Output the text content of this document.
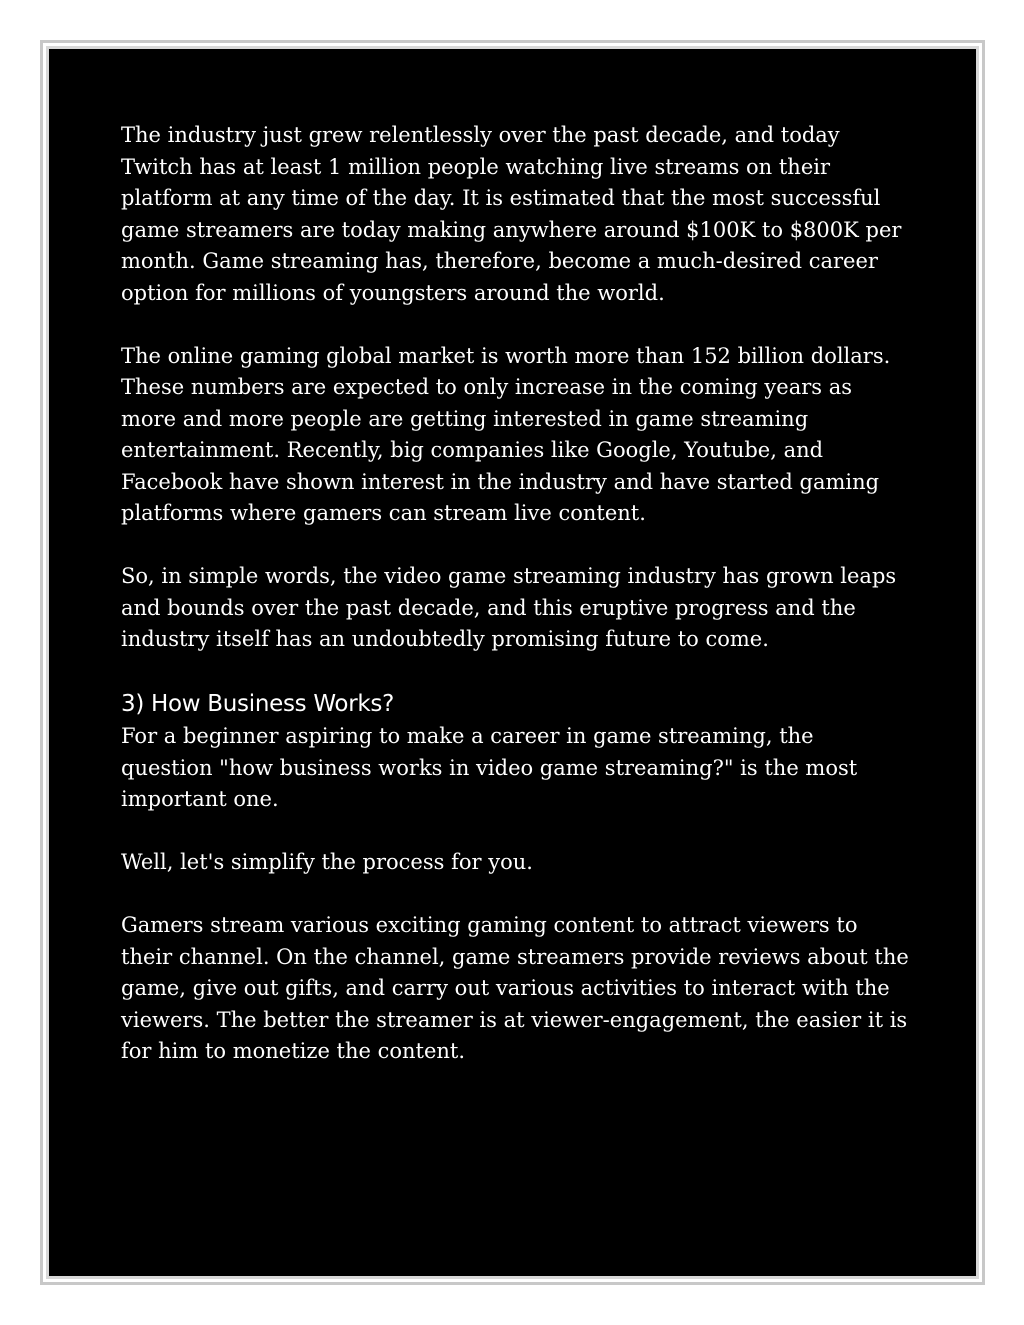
The industry just grew relentlessly over the past decade, and today Twitch has at least 1 million people watching live streams on their platform at any time of the day. It is estimated that the most successful game streamers are today making anywhere around $100K to $800K per month. Game streaming has, therefore, become a much-desired career option for millions of youngsters around the world.

The online gaming global market is worth more than 152 billion dollars. These numbers are expected to only increase in the coming years as more and more people are getting interested in game streaming entertainment. Recently, big companies like Google, Youtube, and Facebook have shown interest in the industry and have started gaming platforms where gamers can stream live content.

So, in simple words, the video game streaming industry has grown leaps and bounds over the past decade, and this eruptive progress and the industry itself has an undoubtedly promising future to come.

3) How Business Works?

For a beginner aspiring to make a career in game streaming, the question "how business works in video game streaming?" is the most important one.

Well, let's simplify the process for you.

Gamers stream various exciting gaming content to attract viewers to their channel. On the channel, game streamers provide reviews about the game, give out gifts, and carry out various activities to interact with the viewers. The better the streamer is at viewer-engagement, the easier it is for him to monetize the content.
